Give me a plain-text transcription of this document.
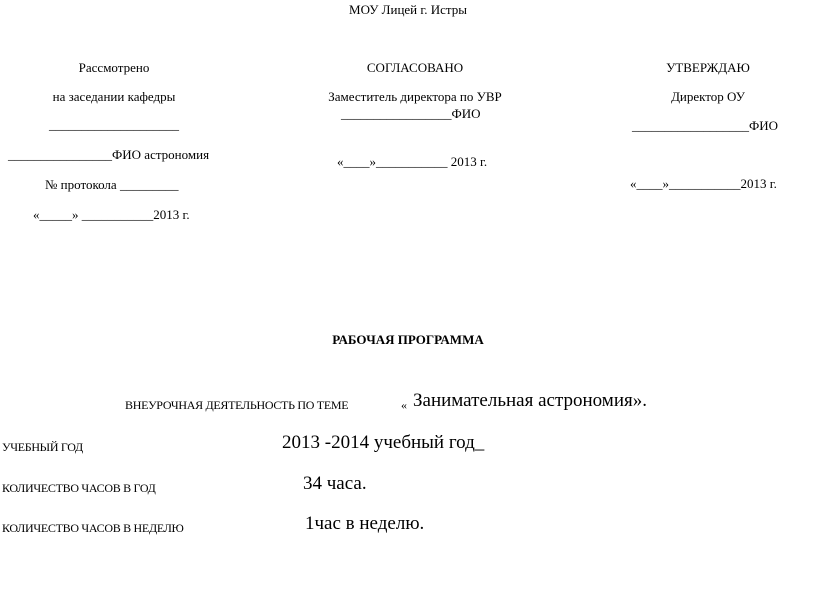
МОУ Лицей г. Истры
Рассмотрено
на заседании кафедры
____________________
________________ФИО астрономия
№ протокола _________
«_____» ___________2013 г.
СОГЛАСОВАНО
Заместитель директора по УВР
_________________ФИО
«____»___________ 2013 г.
УТВЕРЖДАЮ
Директор ОУ
__________________ФИО
«____»___________2013 г.
РАБОЧАЯ ПРОГРАММА
ВНЕУРОЧНАЯ ДЕЯТЕЛЬНОСТЬ ПО ТЕМЕ	« Занимательная астрономия».
УЧЕБНЫЙ ГОД	2013 -2014 учебный год_
КОЛИЧЕСТВО ЧАСОВ В ГОД	34 часа.
КОЛИЧЕСТВО ЧАСОВ В НЕДЕЛЮ	1час в неделю.
